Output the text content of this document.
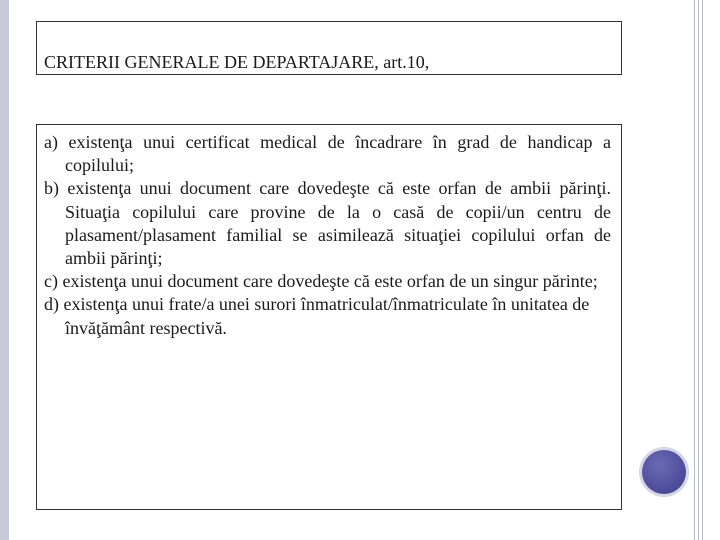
CRITERII GENERALE DE DEPARTAJARE, art.10,

a) existenţa unui certificat medical de încadrare în grad de handicap a copilului;

b) existenţa unui document care dovedeşte că este orfan de ambii părinţi. Situaţia copilului care provine de la o casă de copii/un centru de plasament/plasament familial se asimilează situaţiei copilului orfan de ambii părinţi;

c) existenţa unui document care dovedeşte că este orfan de un singur părinte;

d) existenţa unui frate/a unei surori înmatriculat/înmatriculate în unitatea de învăţământ respectivă.
